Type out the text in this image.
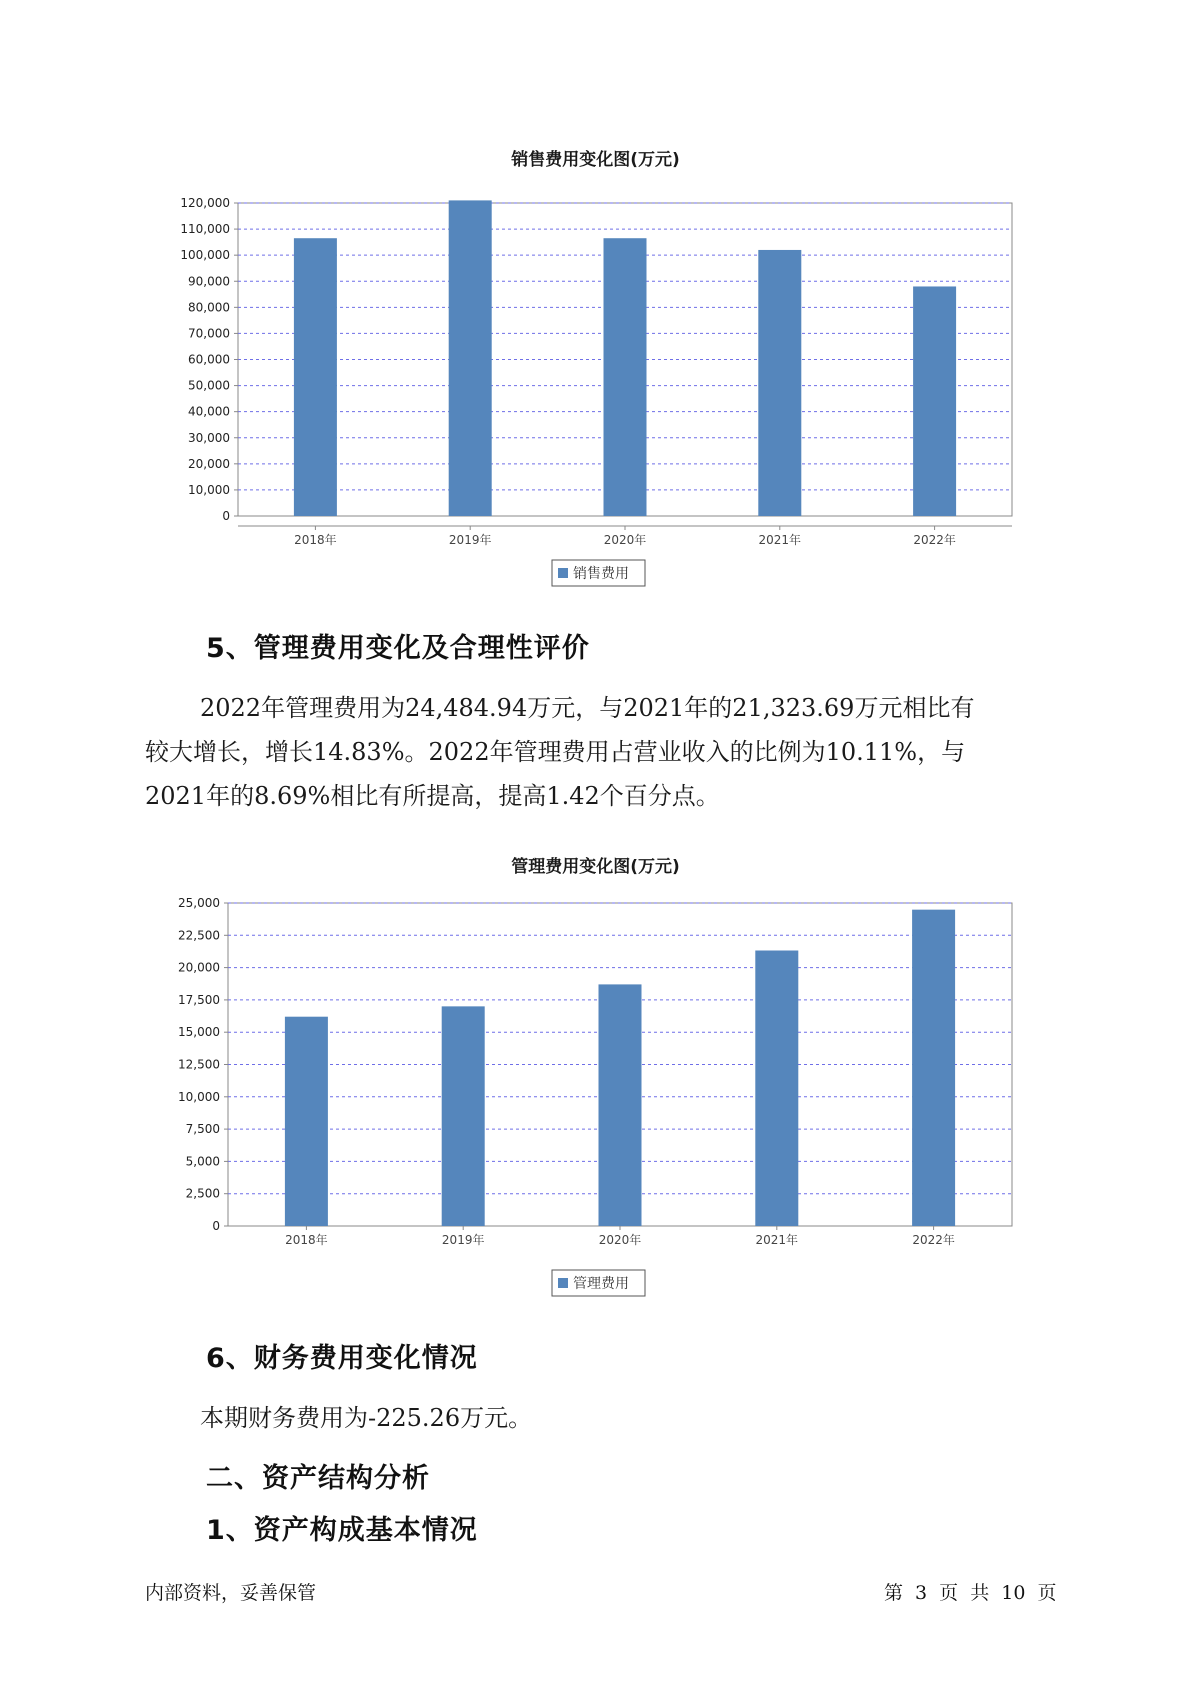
销售费用变化图(万元)
0
10,000
20,000
30,000
40,000
50,000
60,000
70,000
80,000
90,000
100,000
110,000
120,000
2018年	2019年	2020年	2021年	2022年
销售费用
5、管理费用变化及合理性评价
2022年管理费用为24,484.94万元，与2021年的21,323.69万元相比有
较大增长，增长14.83%。2022年管理费用占营业收入的比例为10.11%，与
2021年的8.69%相比有所提高，提高1.42个百分点。
管理费用变化图(万元)
0
2,500
5,000
7,500
10,000
12,500
15,000
17,500
20,000
22,500
25,000
2018年	2019年	2020年	2021年	2022年
管理费用
6、财务费用变化情况
本期财务费用为-225.26万元。
二、资产结构分析
1、资产构成基本情况
内部资料，妥善保管	第 3 页 共 10 页
